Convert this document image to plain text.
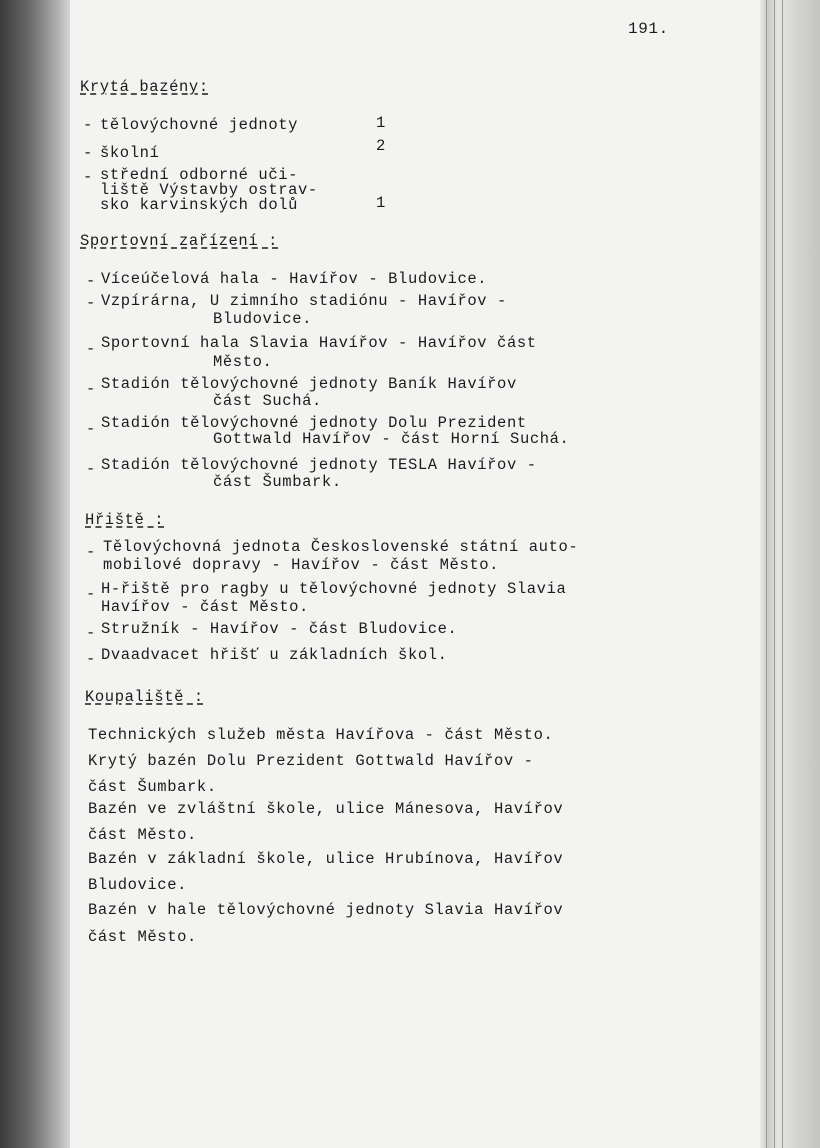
191.
Krytá bazény:
- tělovýchovné jednoty	1
- školní	2
- střední odborné uči-
liště Výstavby ostrav-
sko karvinských dolů	1
Sportovní zařízení :
- Víceúčelová hala - Havířov - Bludovice.
- Vzpírárna, U zimního stadiónu - Havířov -
Bludovice.
- Sportovní hala Slavia Havířov - Havířov část
Město.
- Stadión tělovýchovné jednoty Baník Havířov
část Suchá.
- Stadión tělovýchovné jednoty Dolu Prezident
Gottwald Havířov - část Horní Suchá.
- Stadión tělovýchovné jednoty TESLA Havířov -
část Šumbark.
Hřiště :
- Tělovýchovná jednota Československé státní auto-
mobilové dopravy - Havířov - část Město.
- H-řiště pro ragby u tělovýchovné jednoty Slavia
Havířov - část Město.
- Stružník - Havířov - část Bludovice.
- Dvaadvacet hřišť u základních škol.
Koupaliště :
Technických služeb města Havířova - část Město.
Krytý bazén Dolu Prezident Gottwald Havířov -
část Šumbark.
Bazén ve zvláštní škole, ulice Mánesova, Havířov
část Město.
Bazén v základní škole, ulice Hrubínova, Havířov
Bludovice.
Bazén v hale tělovýchovné jednoty Slavia Havířov
část Město.
